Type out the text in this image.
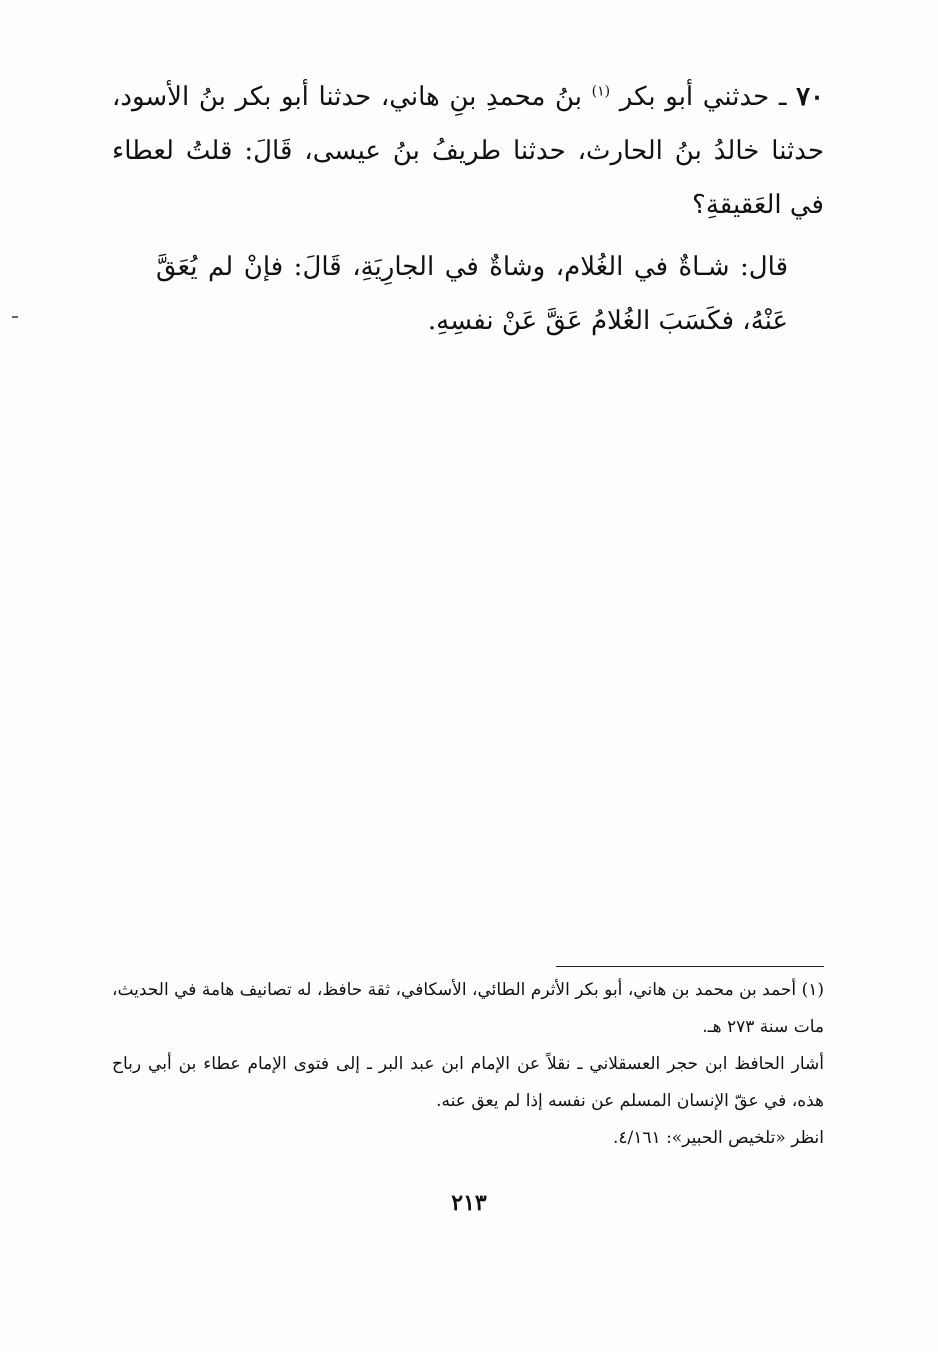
٧٠ ـ حدثني أبو بكر $^{(١)}$ بنُ محمدِ بنِ هاني، حدثنا أبو بكر بنُ الأسود، حدثنا خالدُ بنُ الحارث، حدثنا طريفُ بنُ عيسى، قَالَ: قلتُ لعطاء في العَقيقةِ؟

قال: شـاةٌ في الغُلام، وشاةٌ في الجارِيَةِ، قَالَ: فإنْ لم يُعَقَّ عَنْهُ، فكَسَبَ الغُلامُ عَقَّ عَنْ نفسِهِ.

(١) أحمد بن محمد بن هاني، أبو بكر الأثرم الطائي، الأسكافي، ثقة حافظ، له تصانيف هامة في الحديث، مات سنة ٢٧٣ هـ.

أشار الحافظ ابن حجر العسقلاني ـ نقلاً عن الإمام ابن عبد البر ـ إلى فتوى الإمام عطاء بن أبي رباح هذه، في عقّ الإنسان المسلم عن نفسه إذا لم يعق عنه.

انظر «تلخيص الحبير»: ٤/١٦١.

٢١٣
